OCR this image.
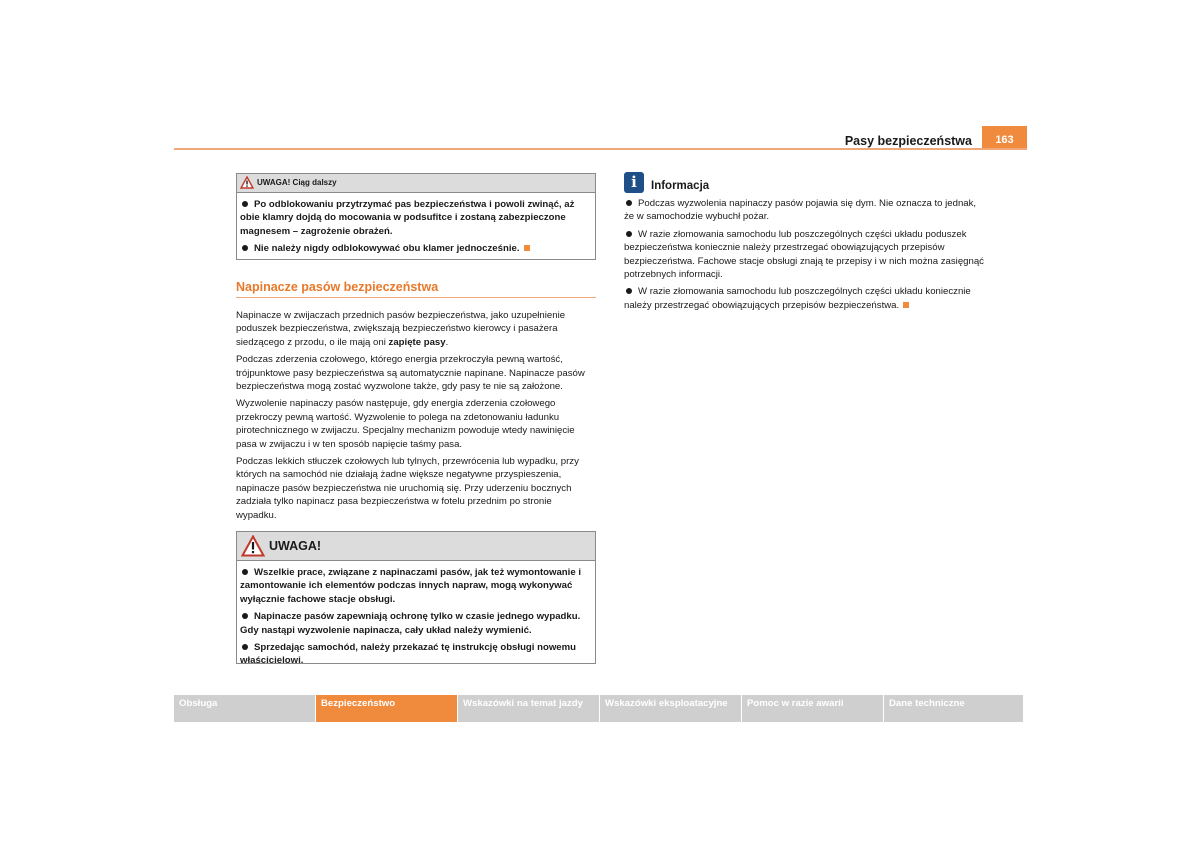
Pasy bezpieczeństwa	163
UWAGA! Ciąg dalszy

Po odblokowaniu przytrzymać pas bezpieczeństwa i powoli zwinąć, aż obie klamry dojdą do mocowania w podsufitce i zostaną zabezpieczone magnesem – zagrożenie obrażeń.

Nie należy nigdy odblokowywać obu klamer jednocześnie.

Napinacze pasów bezpieczeństwa

Napinacze w zwijaczach przednich pasów bezpieczeństwa, jako uzupełnienie poduszek bezpieczeństwa, zwiększają bezpieczeństwo kierowcy i pasażera siedzącego z przodu, o ile mają oni zapięte pasy.

Podczas zderzenia czołowego, którego energia przekroczyła pewną wartość, trójpunktowe pasy bezpieczeństwa są automatycznie napinane. Napinacze pasów bezpieczeństwa mogą zostać wyzwolone także, gdy pasy te nie są założone.

Wyzwolenie napinaczy pasów następuje, gdy energia zderzenia czołowego przekroczy pewną wartość. Wyzwolenie to polega na zdetonowaniu ładunku pirotechnicznego w zwijaczu. Specjalny mechanizm powoduje wtedy nawinięcie pasa w zwijaczu i w ten sposób napięcie taśmy pasa.

Podczas lekkich stłuczek czołowych lub tylnych, przewrócenia lub wypadku, przy których na samochód nie działają żadne większe negatywne przyspieszenia, napinacze pasów bezpieczeństwa nie uruchomią się. Przy uderzeniu bocznych zadziała tylko napinacz pasa bezpieczeństwa w fotelu przednim po stronie wypadku.

UWAGA!

Wszelkie prace, związane z napinaczami pasów, jak też wymontowanie i zamontowanie ich elementów podczas innych napraw, mogą wykonywać wyłącznie fachowe stacje obsługi.

Napinacze pasów zapewniają ochronę tylko w czasie jednego wypadku. Gdy nastąpi wyzwolenie napinacza, cały układ należy wymienić.

Sprzedając samochód, należy przekazać tę instrukcję obsługi nowemu właścicielowi.

i	Informacja

Podczas wyzwolenia napinaczy pasów pojawia się dym. Nie oznacza to jednak, że w samochodzie wybuchł pożar.

W razie złomowania samochodu lub poszczególnych części układu poduszek bezpieczeństwa koniecznie należy przestrzegać obowiązujących przepisów bezpieczeństwa. Fachowe stacje obsługi znają te przepisy i w nich można zasięgnąć potrzebnych informacji.

W razie złomowania samochodu lub poszczególnych części układu koniecznie należy przestrzegać obowiązujących przepisów bezpieczeństwa.

Obsługa	Bezpieczeństwo	Wskazówki na temat jazdy	Wskazówki eksploatacyjne	Pomoc w razie awarii	Dane techniczne
